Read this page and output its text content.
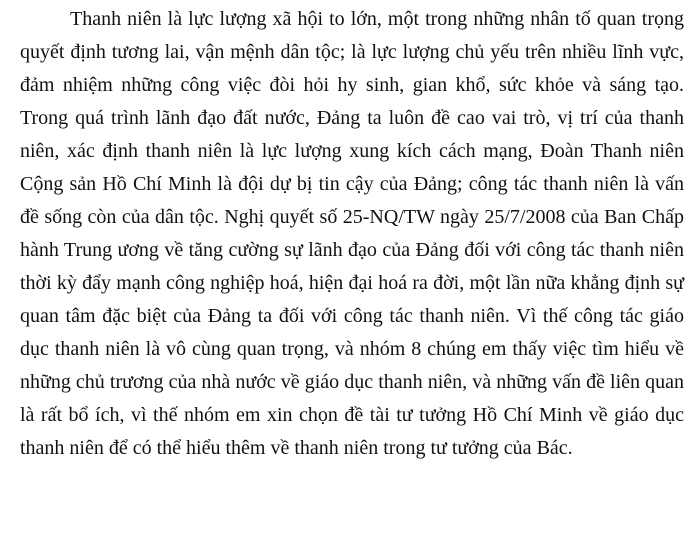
Thanh niên là lực lượng xã hội to lớn, một trong những nhân tố quan trọng quyết định tương lai, vận mệnh dân tộc; là lực lượng chủ yếu trên nhiều lĩnh vực, đảm nhiệm những công việc đòi hỏi hy sinh, gian khổ, sức khỏe và sáng tạo. Trong quá trình lãnh đạo đất nước, Đảng ta luôn đề cao vai trò, vị trí của thanh niên, xác định thanh niên là lực lượng xung kích cách mạng, Đoàn Thanh niên Cộng sản Hồ Chí Minh là đội dự bị tin cậy của Đảng; công tác thanh niên là vấn đề sống còn của dân tộc. Nghị quyết số 25-NQ/TW ngày 25/7/2008 của Ban Chấp hành Trung ương về tăng cường sự lãnh đạo của Đảng đối với công tác thanh niên thời kỳ đẩy mạnh công nghiệp hoá, hiện đại hoá ra đời, một lần nữa khẳng định sự quan tâm đặc biệt của Đảng ta đối với công tác thanh niên. Vì thế công tác giáo dục thanh niên là vô cùng quan trọng, và nhóm 8 chúng em thấy việc tìm hiểu về những chủ trương của nhà nước về giáo dục thanh niên, và những vấn đề liên quan là rất bổ ích, vì thế nhóm em xin chọn đề tài tư tưởng Hồ Chí Minh về giáo dục thanh niên để có thể hiểu thêm về thanh niên trong tư tưởng của Bác.
